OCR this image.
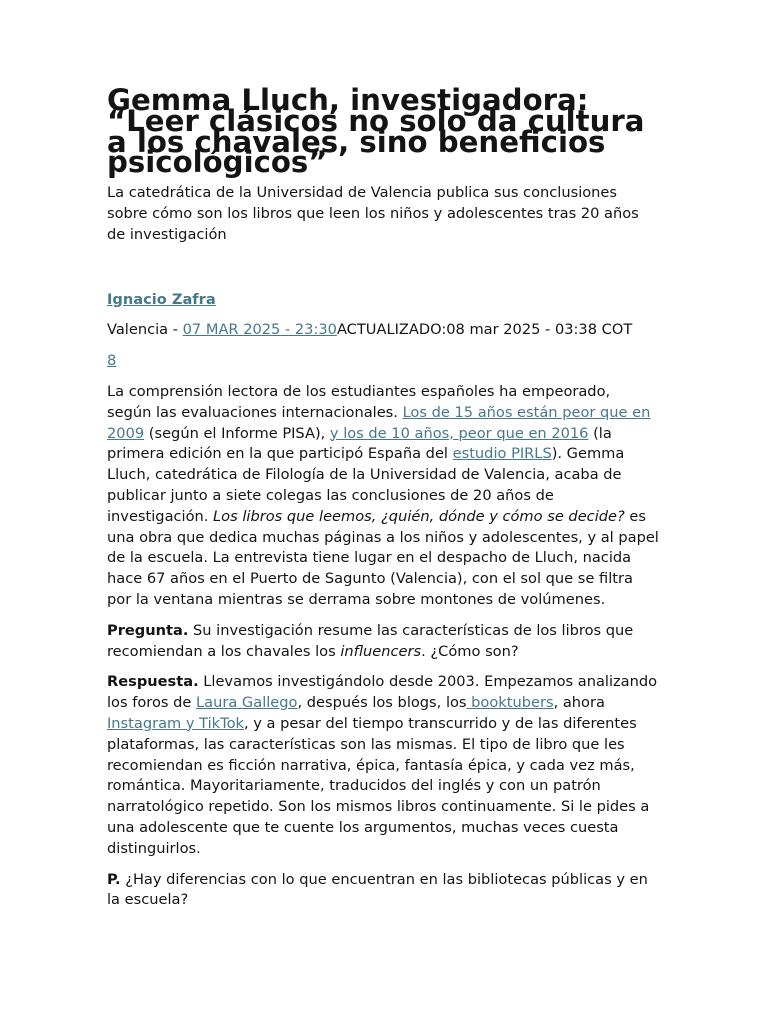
Gemma Lluch, investigadora: “Leer clásicos no solo da cultura a los chavales, sino beneficios psicológicos”

La catedrática de la Universidad de Valencia publica sus conclusiones sobre cómo son los libros que leen los niños y adolescentes tras 20 años de investigación

Ignacio Zafra

Valencia - 07 MAR 2025 - 23:30ACTUALIZADO:08 mar 2025 - 03:38 COT

8

La comprensión lectora de los estudiantes españoles ha empeorado, según las evaluaciones internacionales. Los de 15 años están peor que en 2009 (según el Informe PISA), y los de 10 años, peor que en 2016 (la primera edición en la que participó España del estudio PIRLS). Gemma Lluch, catedrática de Filología de la Universidad de Valencia, acaba de publicar junto a siete colegas las conclusiones de 20 años de investigación. Los libros que leemos, ¿quién, dónde y cómo se decide? es una obra que dedica muchas páginas a los niños y adolescentes, y al papel de la escuela. La entrevista tiene lugar en el despacho de Lluch, nacida hace 67 años en el Puerto de Sagunto (Valencia), con el sol que se filtra por la ventana mientras se derrama sobre montones de volúmenes.

Pregunta. Su investigación resume las características de los libros que recomiendan a los chavales los influencers. ¿Cómo son?

Respuesta. Llevamos investigándolo desde 2003. Empezamos analizando los foros de Laura Gallego, después los blogs, los booktubers, ahora Instagram y TikTok, y a pesar del tiempo transcurrido y de las diferentes plataformas, las características son las mismas. El tipo de libro que les recomiendan es ficción narrativa, épica, fantasía épica, y cada vez más, romántica. Mayoritariamente, traducidos del inglés y con un patrón narratológico repetido. Son los mismos libros continuamente. Si le pides a una adolescente que te cuente los argumentos, muchas veces cuesta distinguirlos.

P. ¿Hay diferencias con lo que encuentran en las bibliotecas públicas y en la escuela?
